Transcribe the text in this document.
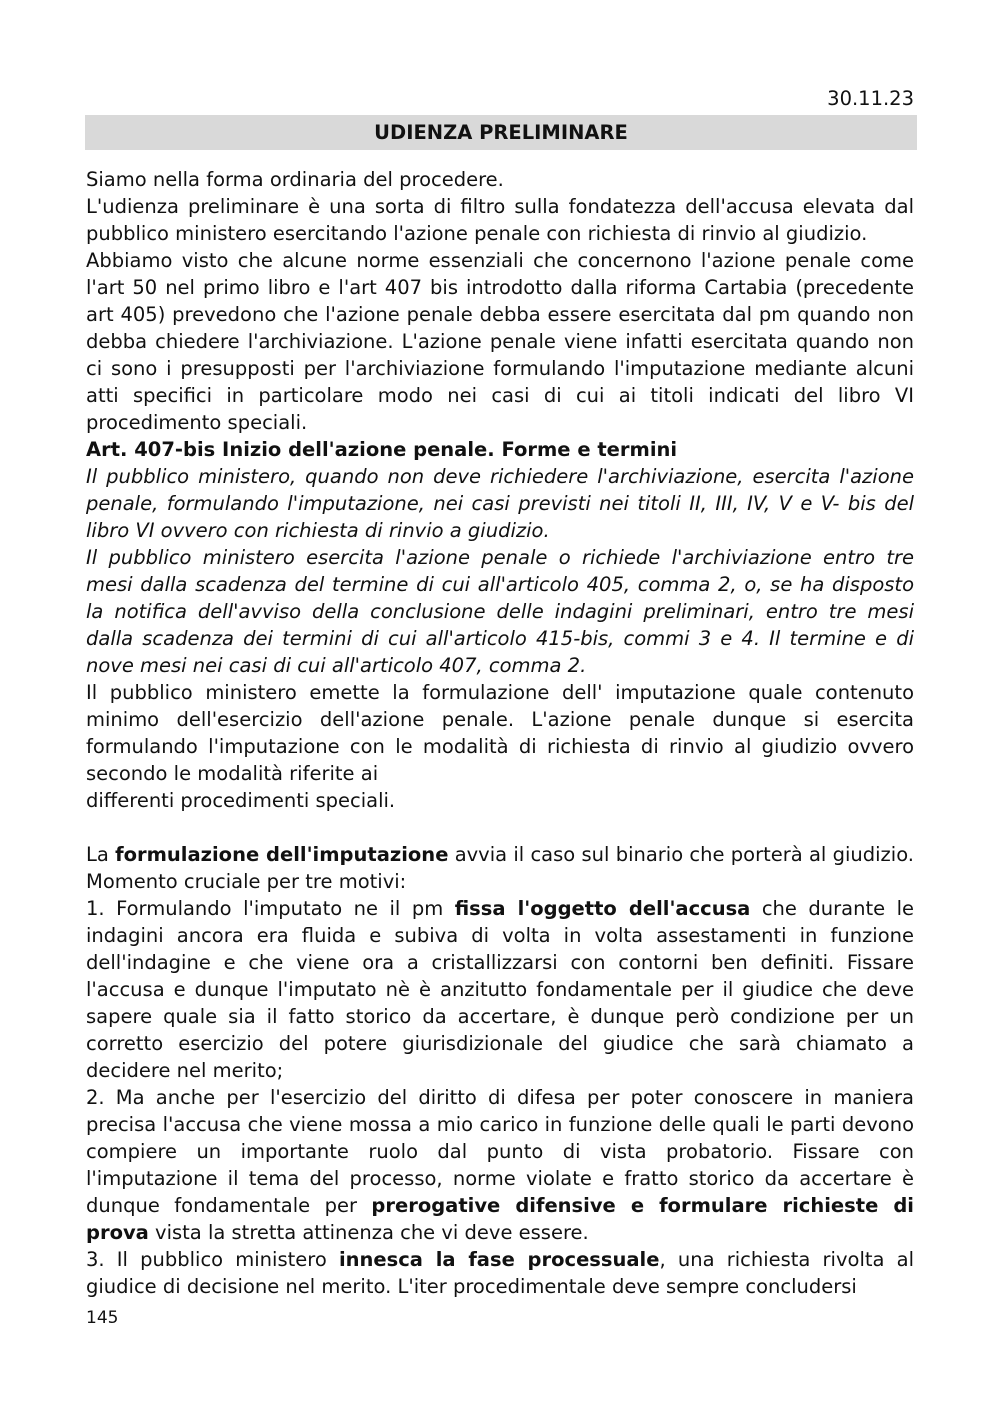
30.11.23
UDIENZA PRELIMINARE

Siamo nella forma ordinaria del procedere.

L'udienza preliminare è una sorta di filtro sulla fondatezza dell'accusa elevata dal pubblico ministero esercitando l'azione penale con richiesta di rinvio al giudizio.

Abbiamo visto che alcune norme essenziali che concernono l'azione penale come l'art 50 nel primo libro e l'art 407 bis introdotto dalla riforma Cartabia (precedente art 405) prevedono che l'azione penale debba essere esercitata dal pm quando non debba chiedere l'archiviazione. L'azione penale viene infatti esercitata quando non ci sono i presupposti per l'archiviazione formulando l'imputazione mediante alcuni atti specifici in particolare modo nei casi di cui ai titoli indicati del libro VI procedimento speciali.

Art. 407-bis Inizio dell'azione penale. Forme e termini

Il pubblico ministero, quando non deve richiedere l'archiviazione, esercita l'azione penale, formulando l'imputazione, nei casi previsti nei titoli II, III, IV, V e V- bis del libro VI ovvero con richiesta di rinvio a giudizio.

Il pubblico ministero esercita l'azione penale o richiede l'archiviazione entro tre mesi dalla scadenza del termine di cui all'articolo 405, comma 2, o, se ha disposto la notifica dell'avviso della conclusione delle indagini preliminari, entro tre mesi dalla scadenza dei termini di cui all'articolo 415-bis, commi 3 e 4. Il termine e di nove mesi nei casi di cui all'articolo 407, comma 2.

Il pubblico ministero emette la formulazione dell' imputazione quale contenuto minimo dell'esercizio dell'azione penale. L'azione penale dunque si esercita formulando l'imputazione con le modalità di richiesta di rinvio al giudizio ovvero secondo le modalità riferite ai

differenti procedimenti speciali.

La formulazione dell'imputazione avvia il caso sul binario che porterà al giudizio. Momento cruciale per tre motivi:

1. Formulando l'imputato ne il pm fissa l'oggetto dell'accusa che durante le indagini ancora era fluida e subiva di volta in volta assestamenti in funzione dell'indagine e che viene ora a cristallizzarsi con contorni ben definiti. Fissare l'accusa e dunque l'imputato nè è anzitutto fondamentale per il giudice che deve sapere quale sia il fatto storico da accertare, è dunque però condizione per un corretto esercizio del potere giurisdizionale del giudice che sarà chiamato a decidere nel merito;

2. Ma anche per l'esercizio del diritto di difesa per poter conoscere in maniera precisa l'accusa che viene mossa a mio carico in funzione delle quali le parti devono compiere un importante ruolo dal punto di vista probatorio. Fissare con l'imputazione il tema del processo, norme violate e fratto storico da accertare è dunque fondamentale per prerogative difensive e formulare richieste di prova vista la stretta attinenza che vi deve essere.

3. Il pubblico ministero innesca la fase processuale, una richiesta rivolta al giudice di decisione nel merito. L'iter procedimentale deve sempre concludersi

145
